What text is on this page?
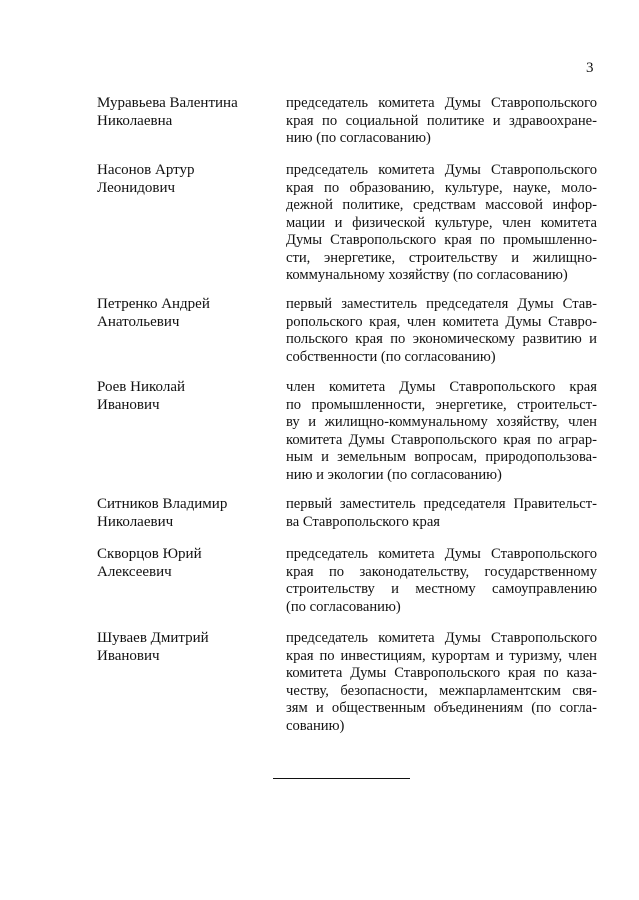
3
Муравьева Валентина
Николаевна
председатель комитета Думы Ставропольского
края по социальной политике и здравоохране-
нию (по согласованию)
Насонов Артур
Леонидович
председатель комитета Думы Ставропольского
края по образованию, культуре, науке, моло-
дежной политике, средствам массовой инфор-
мации и физической культуре, член комитета
Думы Ставропольского края по промышленно-
сти, энергетике, строительству и жилищно-
коммунальному хозяйству (по согласованию)
Петренко Андрей
Анатольевич
первый заместитель председателя Думы Став-
ропольского края, член комитета Думы Ставро-
польского края по экономическому развитию и
собственности (по согласованию)
Роев Николай
Иванович
член комитета Думы Ставропольского края
по промышленности, энергетике, строительст-
ву и жилищно-коммунальному хозяйству, член
комитета Думы Ставропольского края по аграр-
ным и земельным вопросам, природопользова-
нию и экологии (по согласованию)
Ситников Владимир
Николаевич
первый заместитель председателя Правительст-
ва Ставропольского края
Скворцов Юрий
Алексеевич
председатель комитета Думы Ставропольского
края по законодательству, государственному
строительству и местному самоуправлению
(по согласованию)
Шуваев Дмитрий
Иванович
председатель комитета Думы Ставропольского
края по инвестициям, курортам и туризму, член
комитета Думы Ставропольского края по каза-
честву, безопасности, межпарламентским свя-
зям и общественным объединениям (по согла-
сованию)
